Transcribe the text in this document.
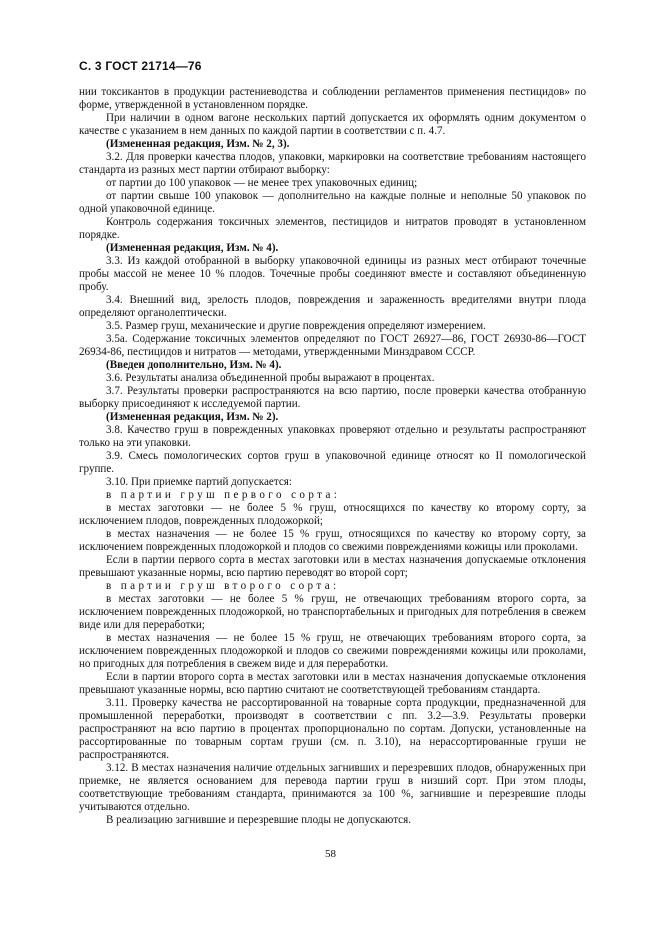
С. 3 ГОСТ 21714—76

нии токсикантов в продукции растениеводства и соблюдении регламентов применения пестицидов» по форме, утвержденной в установленном порядке.

При наличии в одном вагоне нескольких партий допускается их оформлять одним документом о качестве с указанием в нем данных по каждой партии в соответствии с п. 4.7.

(Измененная редакция, Изм. № 2, 3).

3.2. Для проверки качества плодов, упаковки, маркировки на соответствие требованиям настоящего стандарта из разных мест партии отбирают выборку:

от партии до 100 упаковок — не менее трех упаковочных единиц;

от партии свыше 100 упаковок — дополнительно на каждые полные и неполные 50 упаковок по одной упаковочной единице.

Контроль содержания токсичных элементов, пестицидов и нитратов проводят в установленном порядке.

(Измененная редакция, Изм. № 4).

3.3. Из каждой отобранной в выборку упаковочной единицы из разных мест отбирают точечные пробы массой не менее 10 % плодов. Точечные пробы соединяют вместе и составляют объединенную пробу.

3.4. Внешний вид, зрелость плодов, повреждения и зараженность вредителями внутри плода определяют органолептически.

3.5. Размер груш, механические и другие повреждения определяют измерением.

3.5а. Содержание токсичных элементов определяют по ГОСТ 26927—86, ГОСТ 26930-86—ГОСТ 26934-86, пестицидов и нитратов — методами, утвержденными Минздравом СССР.

(Введен дополнительно, Изм. № 4).

3.6. Результаты анализа объединенной пробы выражают в процентах.

3.7. Результаты проверки распространяются на всю партию, после проверки качества отобранную выборку присоединяют к исследуемой партии.

(Измененная редакция, Изм. № 2).

3.8. Качество груш в поврежденных упаковках проверяют отдельно и результаты распространяют только на эти упаковки.

3.9. Смесь помологических сортов груш в упаковочной единице относят ко II помологической группе.

3.10. При приемке партий допускается:

в партии груш первого сорта:

в местах заготовки — не более 5 % груш, относящихся по качеству ко второму сорту, за исключением плодов, поврежденных плодожоркой;

в местах назначения — не более 15 % груш, относящихся по качеству ко второму сорту, за исключением поврежденных плодожоркой и плодов со свежими повреждениями кожицы или проколами.

Если в партии первого сорта в местах заготовки или в местах назначения допускаемые отклонения превышают указанные нормы, всю партию переводят во второй сорт;

в партии груш второго сорта:

в местах заготовки — не более 5 % груш, не отвечающих требованиям второго сорта, за исключением поврежденных плодожоркой, но транспортабельных и пригодных для потребления в свежем виде или для переработки;

в местах назначения — не более 15 % груш, не отвечающих требованиям второго сорта, за исключением поврежденных плодожоркой и плодов со свежими повреждениями кожицы или проколами, но пригодных для потребления в свежем виде и для переработки.

Если в партии второго сорта в местах заготовки или в местах назначения допускаемые отклонения превышают указанные нормы, всю партию считают не соответствующей требованиям стандарта.

3.11. Проверку качества не рассортированной на товарные сорта продукции, предназначенной для промышленной переработки, производят в соответствии с пп. 3.2—3.9. Результаты проверки распространяют на всю партию в процентах пропорционально по сортам. Допуски, установленные на рассортированные по товарным сортам груши (см. п. 3.10), на нерассортированные груши не распространяются.

3.12. В местах назначения наличие отдельных загнивших и перезревших плодов, обнаруженных при приемке, не является основанием для перевода партии груш в низший сорт. При этом плоды, соответствующие требованиям стандарта, принимаются за 100 %, загнившие и перезревшие плоды учитываются отдельно.

В реализацию загнившие и перезревшие плоды не допускаются.

58
